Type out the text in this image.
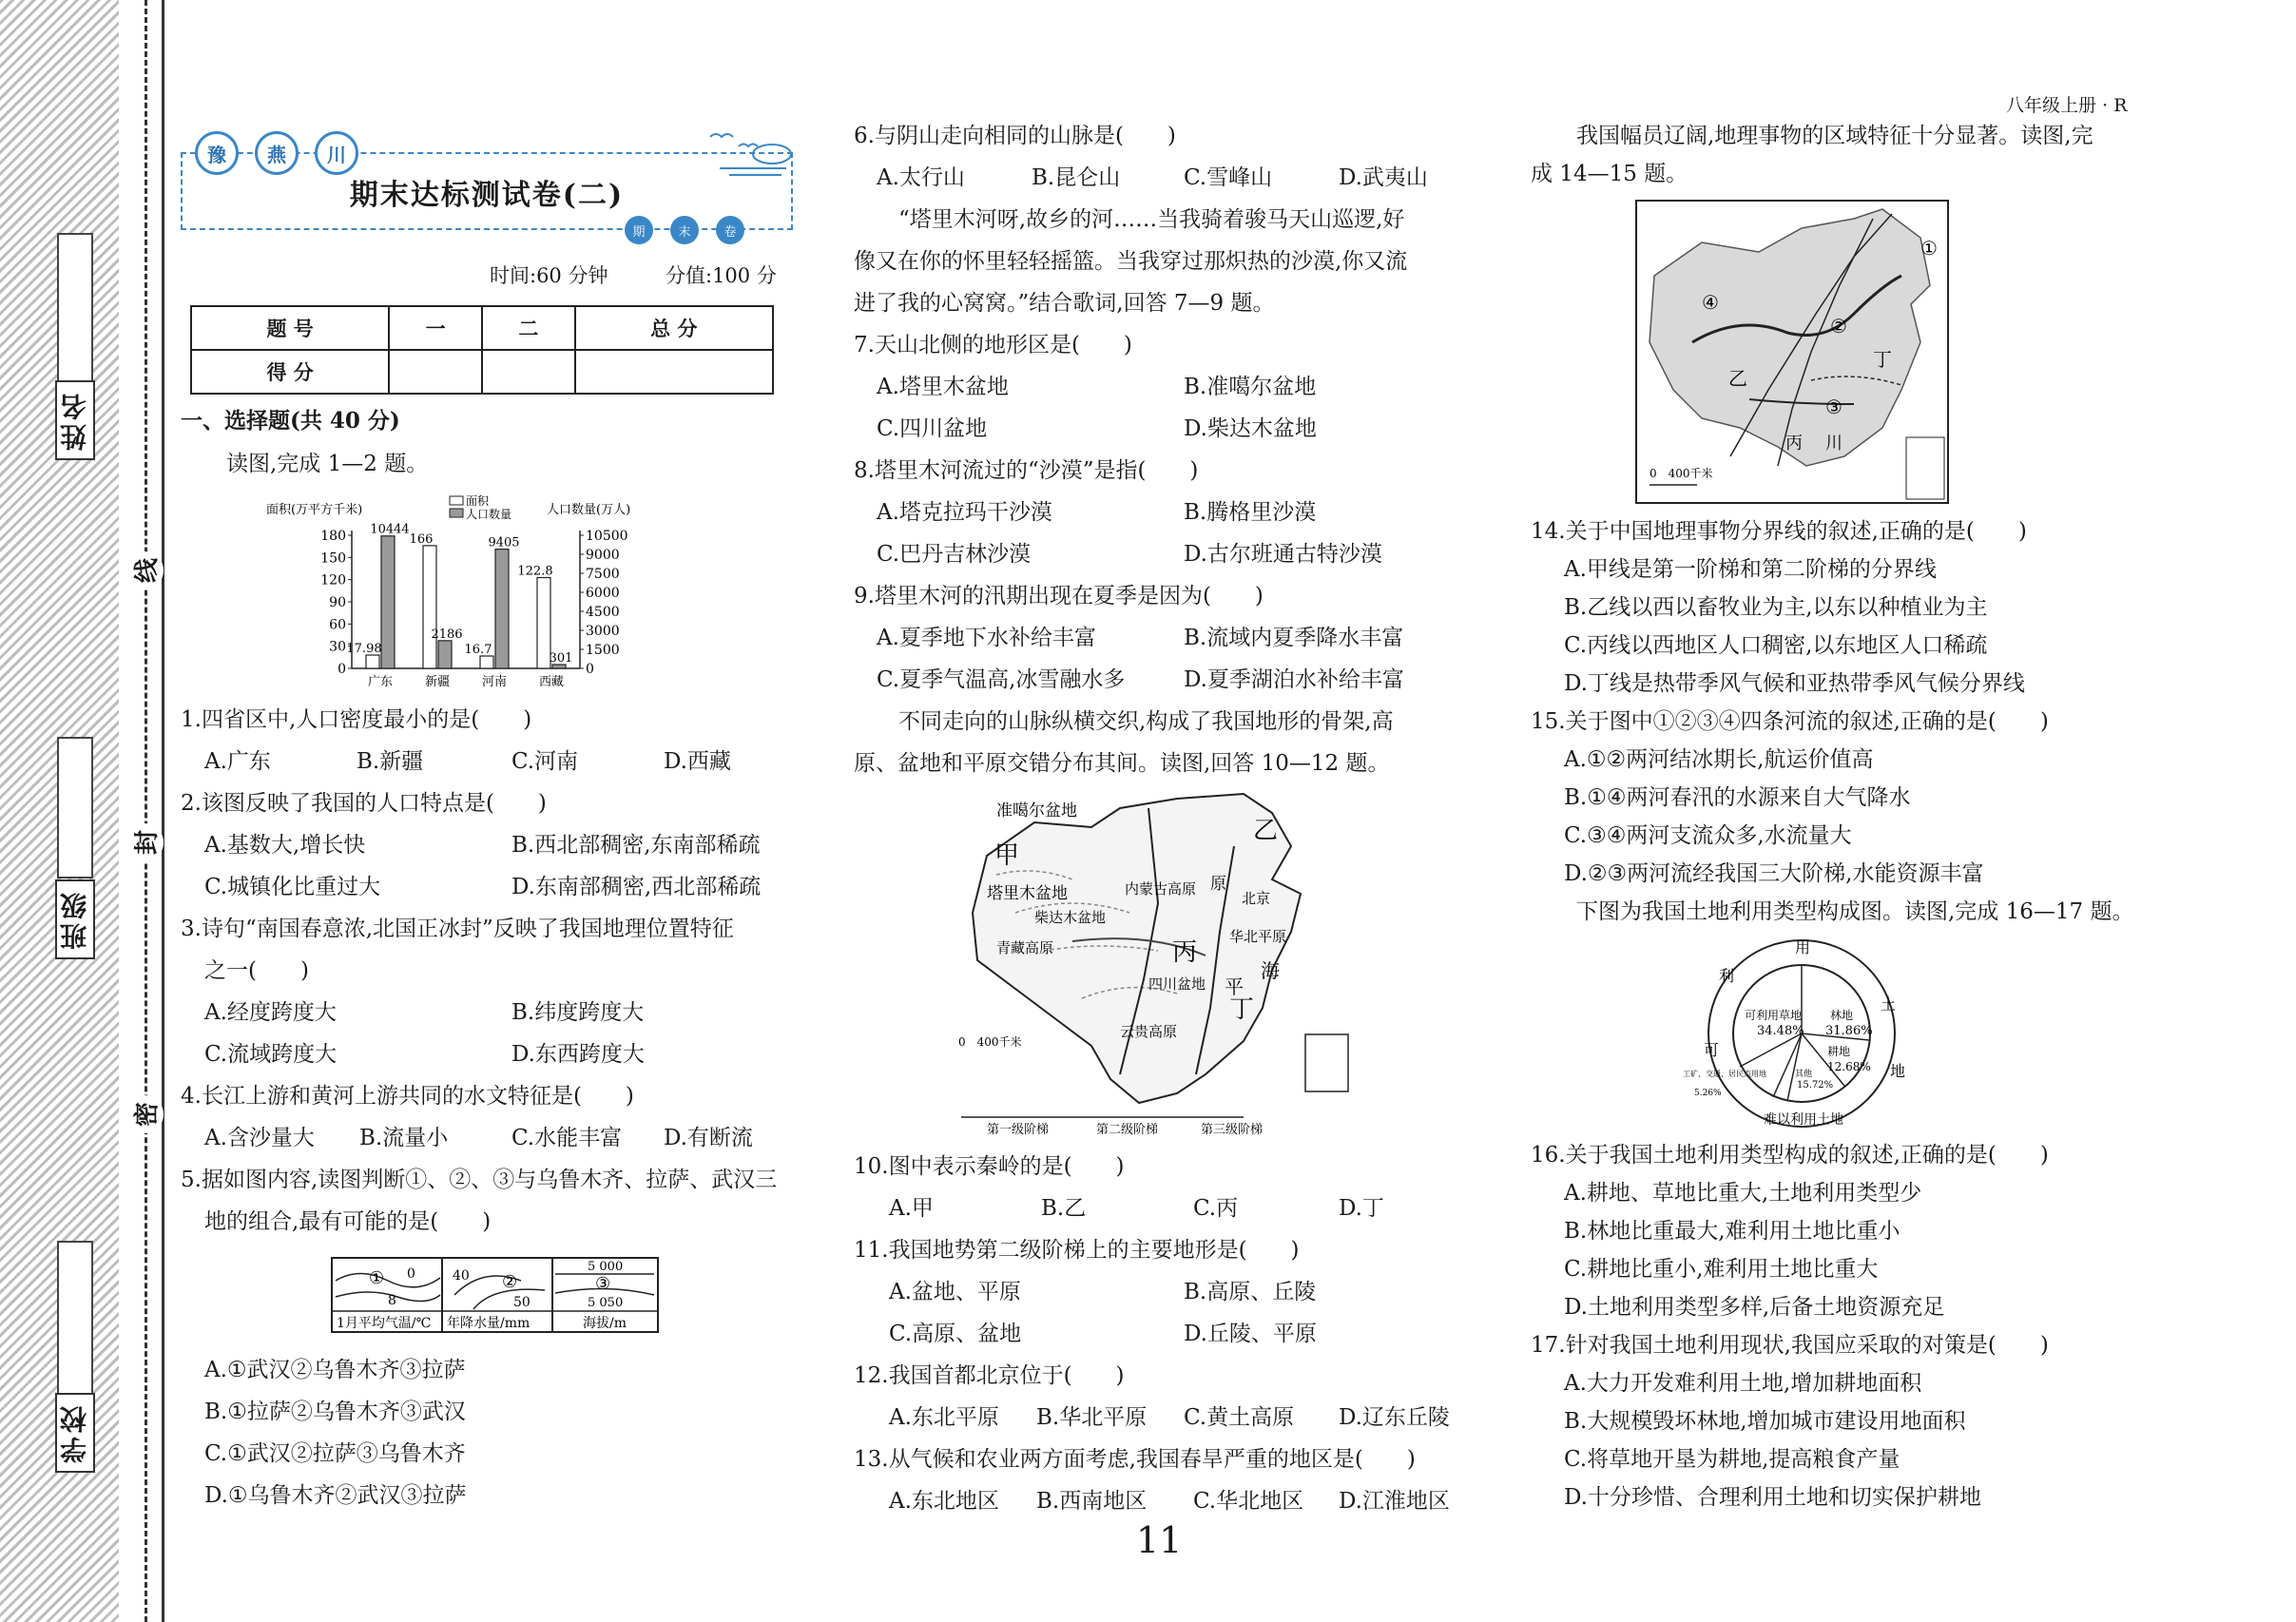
姓名
班级
学校
线
封
密
期末达标测试卷(二)
豫	燕	川
期	末	卷
时间:60 分钟	分值:100 分
题 号	一	二	总 分
得 分			
一、选择题(共 40 分)
读图,完成 1—2 题。
面积(万平方千米)	人口数量(万人)
面积
人口数量
180
150
120
90
60
30
0
10500
9000
7500
6000
4500
3000
1500
0
17.98
10444
广东
166
2186
新疆
16.7
9405
河南
122.8
301
西藏
1.四省区中,人口密度最小的是(　　)
A.广东	B.新疆	C.河南	D.西藏
2.该图反映了我国的人口特点是(　　)
A.基数大,增长快	B.西北部稠密,东南部稀疏
C.城镇化比重过大	D.东南部稠密,西北部稀疏
3.诗句“南国春意浓,北国正冰封”反映了我国地理位置特征
之一(　　)
A.经度跨度大	B.纬度跨度大
C.流域跨度大	D.东西跨度大
4.长江上游和黄河上游共同的水文特征是(　　)
A.含沙量大 B.流量小	C.水能丰富 D.有断流
5.据如图内容,读图判断①、②、③与乌鲁木齐、拉萨、武汉三
地的组合,最有可能的是(　　)
①	②	③
0
8
40
50
5 000
5 050
1月平均气温/℃ 年降水量/mm	海拔/m
A.①武汉②乌鲁木齐③拉萨
B.①拉萨②乌鲁木齐③武汉
C.①武汉②拉萨③乌鲁木齐
D.①乌鲁木齐②武汉③拉萨
6.与阴山走向相同的山脉是(　　)
A.太行山	B.昆仑山	C.雪峰山	D.武夷山
“塔里木河呀,故乡的河……当我骑着骏马天山巡逻,好
像又在你的怀里轻轻摇篮。当我穿过那炽热的沙漠,你又流
进了我的心窝窝。”结合歌词,回答 7—9 题。
7.天山北侧的地形区是(　　)
A.塔里木盆地	B.准噶尔盆地
C.四川盆地	D.柴达木盆地
8.塔里木河流过的“沙漠”是指(　　)
A.塔克拉玛干沙漠	B.腾格里沙漠
C.巴丹吉林沙漠	D.古尔班通古特沙漠
9.塔里木河的汛期出现在夏季是因为(　　)
A.夏季地下水补给丰富	B.流域内夏季降水丰富
C.夏季气温高,冰雪融水多	D.夏季湖泊水补给丰富
不同走向的山脉纵横交织,构成了我国地形的骨架,高
原、盆地和平原交错分布其间。读图,回答 10—12 题。
准噶尔盆地
甲
乙
塔里木盆地	内蒙古高原
柴达木盆地
青藏高原
原
北京
华北平原
丙
四川盆地
云贵高原
丁
海
平
0　400千米
第一级阶梯	第二级阶梯	第三级阶梯
10.图中表示秦岭的是(　　)
A.甲	B.乙	C.丙	D.丁
11.我国地势第二级阶梯上的主要地形是(　　)
A.盆地、平原	B.高原、丘陵
C.高原、盆地	D.丘陵、平原
12.我国首都北京位于(　　)
A.东北平原 B.华北平原 C.黄土高原 D.辽东丘陵
13.从气候和农业两方面考虑,我国春旱严重的地区是(　　)
A.东北地区 B.西南地区 C.华北地区 D.江淮地区
11
八年级上册 · R
我国幅员辽阔,地理事物的区域特征十分显著。读图,完
成 14—15 题。
①
②
③
④
乙
丁
丙 川
0　400千米
14.关于中国地理事物分界线的叙述,正确的是(　　)
A.甲线是第一阶梯和第二阶梯的分界线
B.乙线以西以畜牧业为主,以东以种植业为主
C.丙线以西地区人口稠密,以东地区人口稀疏
D.丁线是热带季风气候和亚热带季风气候分界线
15.关于图中①②③④四条河流的叙述,正确的是(　　)
A.①②两河结冰期长,航运价值高
B.①④两河春汛的水源来自大气降水
C.③④两河支流众多,水流量大
D.②③两河流经我国三大阶梯,水能资源丰富
下图为我国土地利用类型构成图。读图,完成 16—17 题。
用
利
土
可
地
可利用草地
34.48%
林地
31.86%
耕地
12.68%
其他
15.72%
工矿、交通、居民点用地
5.26%
难以利用土地
16.关于我国土地利用类型构成的叙述,正确的是(　　)
A.耕地、草地比重大,土地利用类型少
B.林地比重最大,难利用土地比重小
C.耕地比重小,难利用土地比重大
D.土地利用类型多样,后备土地资源充足
17.针对我国土地利用现状,我国应采取的对策是(　　)
A.大力开发难利用土地,增加耕地面积
B.大规模毁坏林地,增加城市建设用地面积
C.将草地开垦为耕地,提高粮食产量
D.十分珍惜、合理利用土地和切实保护耕地
